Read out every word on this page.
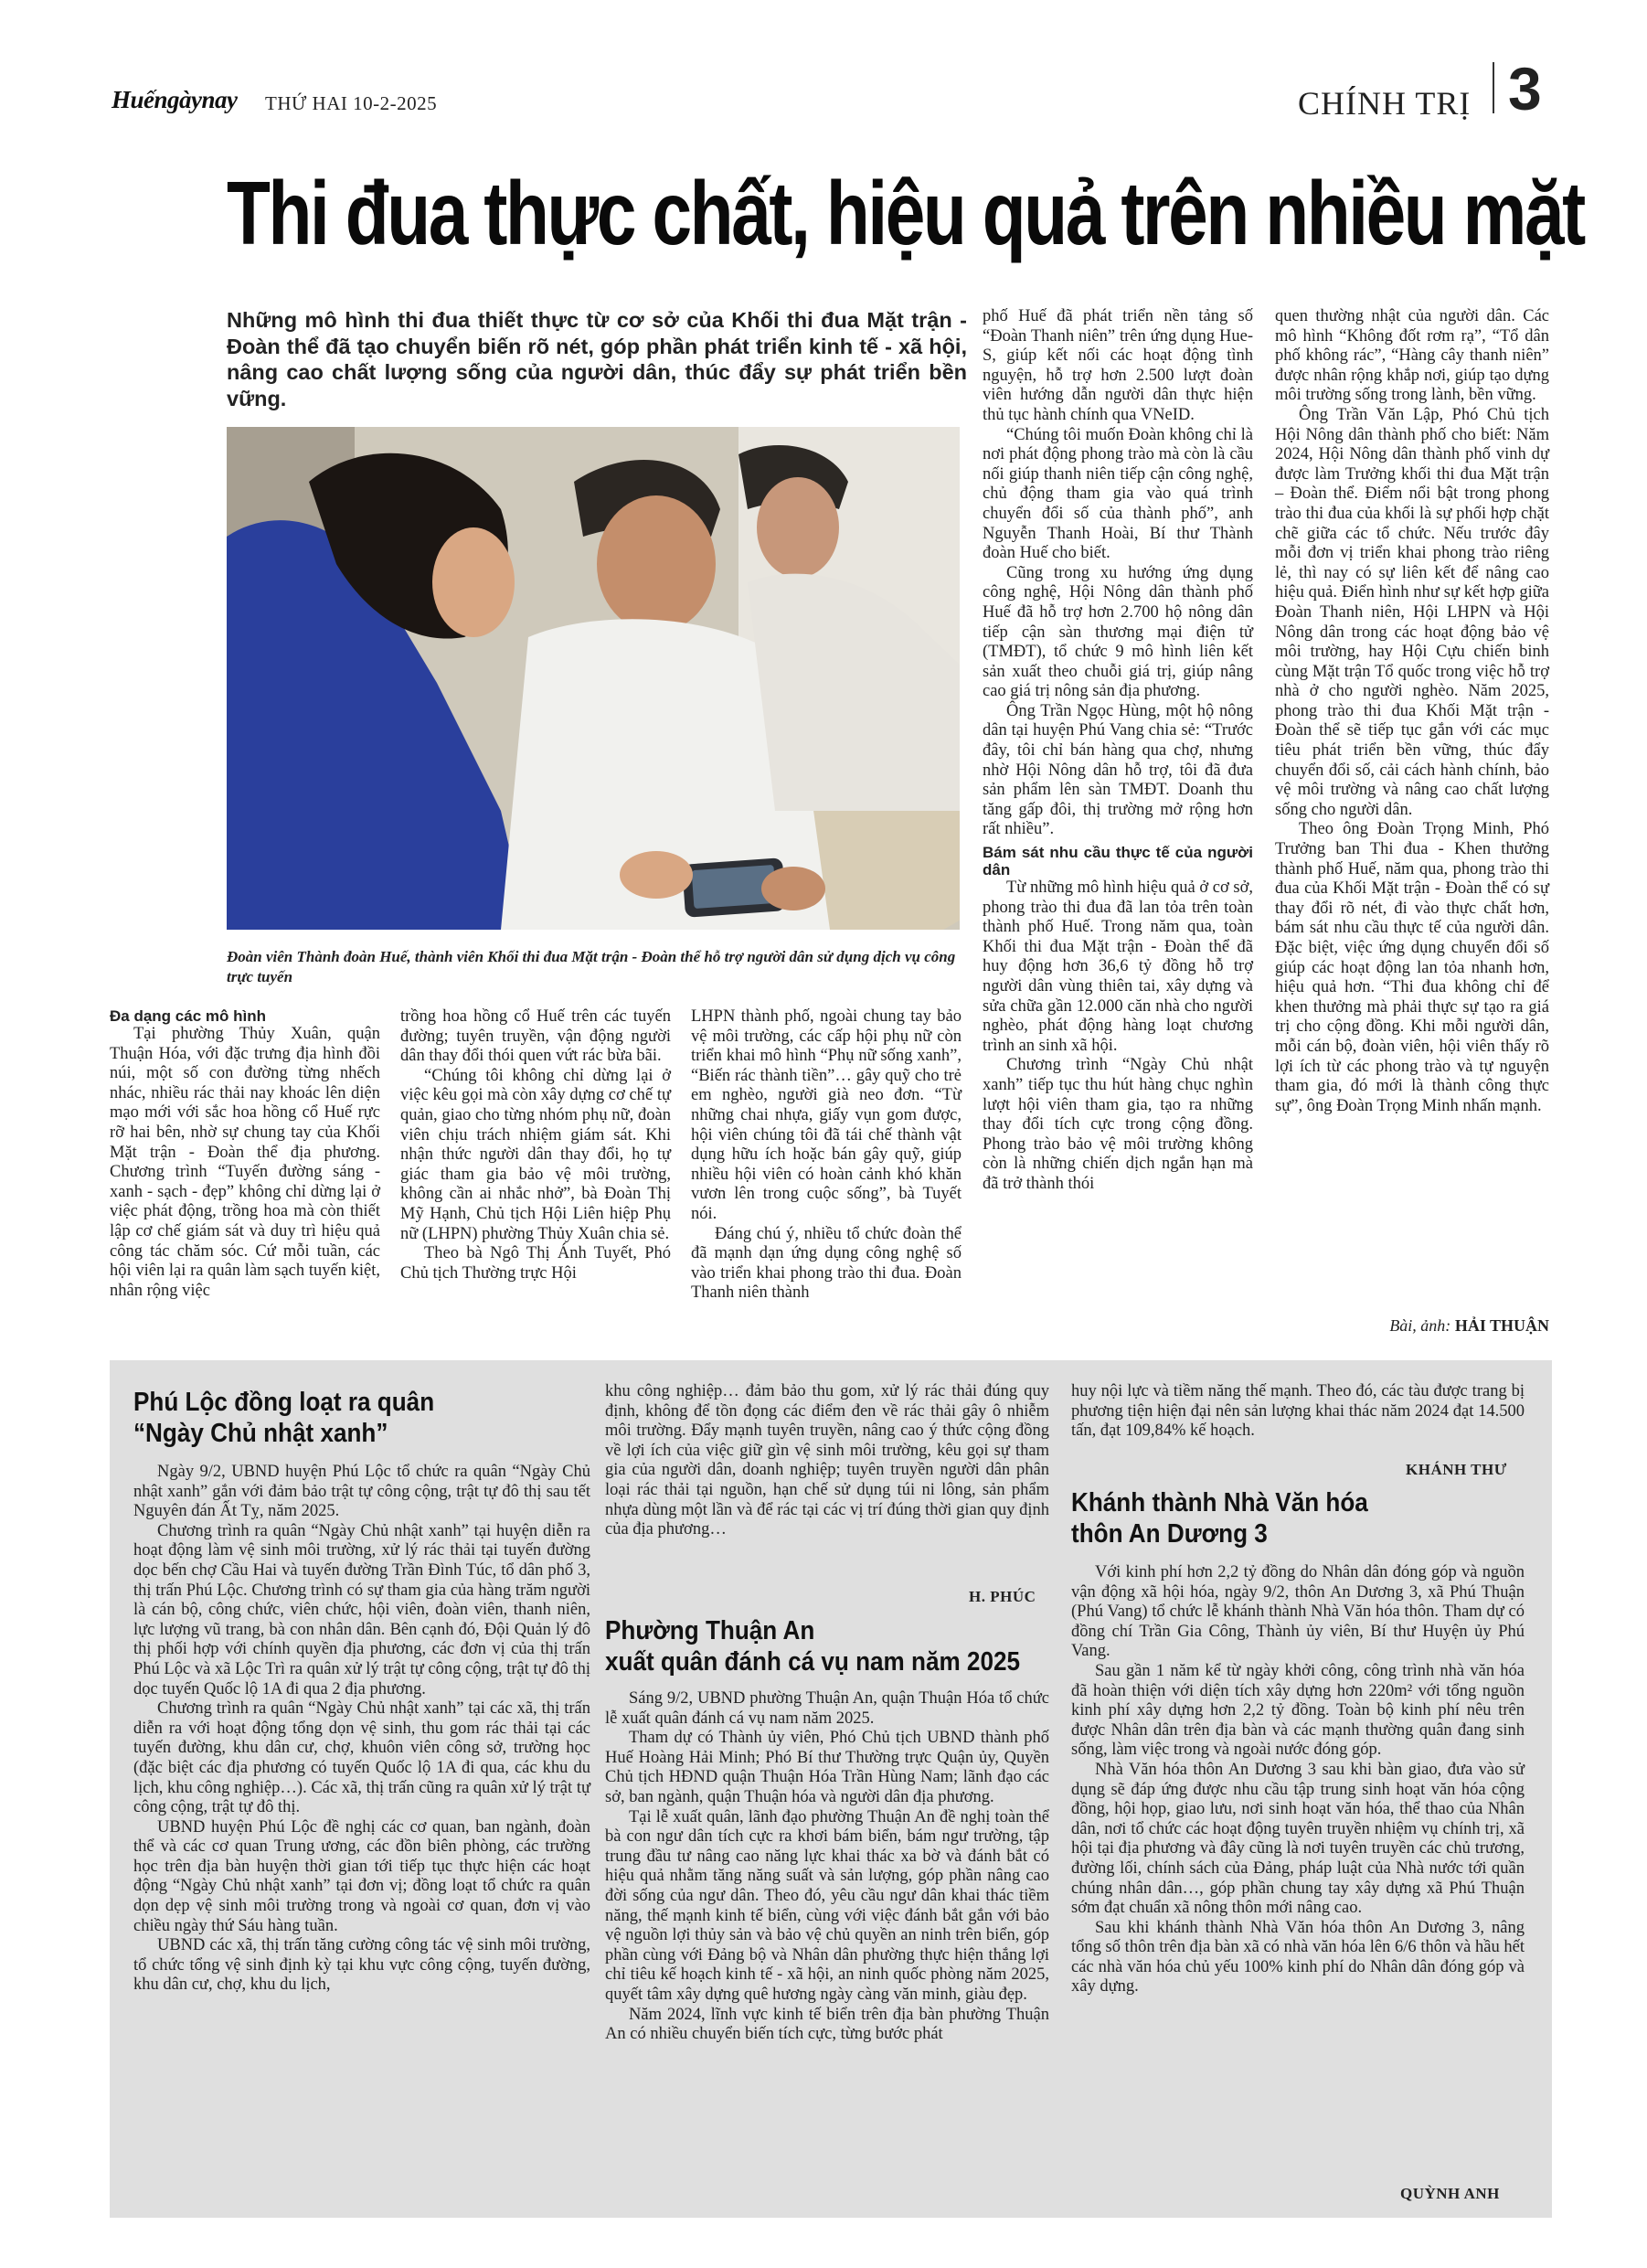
Huếngàynay THỨ HAI 10-2-2025	CHÍNH TRỊ 3
Thi đua thực chất, hiệu quả trên nhiều mặt
Những mô hình thi đua thiết thực từ cơ sở của Khối thi đua Mặt trận - Đoàn thể đã tạo chuyển biến rõ nét, góp phần phát triển kinh tế - xã hội, nâng cao chất lượng sống của người dân, thúc đẩy sự phát triển bền vững.
Đoàn viên Thành đoàn Huế, thành viên Khối thi đua Mặt trận - Đoàn thể hỗ trợ người dân sử dụng dịch vụ công trực tuyến

Đa dạng các mô hình

Tại phường Thủy Xuân, quận Thuận Hóa, với đặc trưng địa hình đồi núi, một số con đường từng nhếch nhác, nhiều rác thải nay khoác lên diện mạo mới với sắc hoa hồng cổ Huế rực rỡ hai bên, nhờ sự chung tay của Khối Mặt trận - Đoàn thể địa phương. Chương trình “Tuyến đường sáng - xanh - sạch - đẹp” không chỉ dừng lại ở việc phát động, trồng hoa mà còn thiết lập cơ chế giám sát và duy trì hiệu quả công tác chăm sóc. Cứ mỗi tuần, các hội viên lại ra quân làm sạch tuyến kiệt, nhân rộng việc

trồng hoa hồng cổ Huế trên các tuyến đường; tuyên truyền, vận động người dân thay đổi thói quen vứt rác bừa bãi.

“Chúng tôi không chỉ dừng lại ở việc kêu gọi mà còn xây dựng cơ chế tự quản, giao cho từng nhóm phụ nữ, đoàn viên chịu trách nhiệm giám sát. Khi nhận thức người dân thay đổi, họ tự giác tham gia bảo vệ môi trường, không cần ai nhắc nhở”, bà Đoàn Thị Mỹ Hạnh, Chủ tịch Hội Liên hiệp Phụ nữ (LHPN) phường Thủy Xuân chia sẻ.

Theo bà Ngô Thị Ánh Tuyết, Phó Chủ tịch Thường trực Hội

LHPN thành phố, ngoài chung tay bảo vệ môi trường, các cấp hội phụ nữ còn triển khai mô hình “Phụ nữ sống xanh”, “Biến rác thành tiền”… gây quỹ cho trẻ em nghèo, người già neo đơn. “Từ những chai nhựa, giấy vụn gom được, hội viên chúng tôi đã tái chế thành vật dụng hữu ích hoặc bán gây quỹ, giúp nhiều hội viên có hoàn cảnh khó khăn vươn lên trong cuộc sống”, bà Tuyết nói.

Đáng chú ý, nhiều tổ chức đoàn thể đã mạnh dạn ứng dụng công nghệ số vào triển khai phong trào thi đua. Đoàn Thanh niên thành

phố Huế đã phát triển nền tảng số “Đoàn Thanh niên” trên ứng dụng Hue-S, giúp kết nối các hoạt động tình nguyện, hỗ trợ hơn 2.500 lượt đoàn viên hướng dẫn người dân thực hiện thủ tục hành chính qua VNeID.

“Chúng tôi muốn Đoàn không chỉ là nơi phát động phong trào mà còn là cầu nối giúp thanh niên tiếp cận công nghệ, chủ động tham gia vào quá trình chuyển đổi số của thành phố”, anh Nguyễn Thanh Hoài, Bí thư Thành đoàn Huế cho biết.

Cũng trong xu hướng ứng dụng công nghệ, Hội Nông dân thành phố Huế đã hỗ trợ hơn 2.700 hộ nông dân tiếp cận sàn thương mại điện tử (TMĐT), tổ chức 9 mô hình liên kết sản xuất theo chuỗi giá trị, giúp nâng cao giá trị nông sản địa phương.

Ông Trần Ngọc Hùng, một hộ nông dân tại huyện Phú Vang chia sẻ: “Trước đây, tôi chỉ bán hàng qua chợ, nhưng nhờ Hội Nông dân hỗ trợ, tôi đã đưa sản phẩm lên sàn TMĐT. Doanh thu tăng gấp đôi, thị trường mở rộng hơn rất nhiều”.

Bám sát nhu cầu thực tế của người dân

Từ những mô hình hiệu quả ở cơ sở, phong trào thi đua đã lan tỏa trên toàn thành phố Huế. Trong năm qua, toàn Khối thi đua Mặt trận - Đoàn thể đã huy động hơn 36,6 tỷ đồng hỗ trợ người dân vùng thiên tai, xây dựng và sửa chữa gần 12.000 căn nhà cho người nghèo, phát động hàng loạt chương trình an sinh xã hội.

Chương trình “Ngày Chủ nhật xanh” tiếp tục thu hút hàng chục nghìn lượt hội viên tham gia, tạo ra những thay đổi tích cực trong cộng đồng. Phong trào bảo vệ môi trường không còn là những chiến dịch ngắn hạn mà đã trở thành thói

quen thường nhật của người dân. Các mô hình “Không đốt rơm rạ”, “Tổ dân phố không rác”, “Hàng cây thanh niên” được nhân rộng khắp nơi, giúp tạo dựng môi trường sống trong lành, bền vững.

Ông Trần Văn Lập, Phó Chủ tịch Hội Nông dân thành phố cho biết: Năm 2024, Hội Nông dân thành phố vinh dự được làm Trưởng khối thi đua Mặt trận – Đoàn thể. Điểm nổi bật trong phong trào thi đua của khối là sự phối hợp chặt chẽ giữa các tổ chức. Nếu trước đây mỗi đơn vị triển khai phong trào riêng lẻ, thì nay có sự liên kết để nâng cao hiệu quả. Điển hình như sự kết hợp giữa Đoàn Thanh niên, Hội LHPN và Hội Nông dân trong các hoạt động bảo vệ môi trường, hay Hội Cựu chiến binh cùng Mặt trận Tổ quốc trong việc hỗ trợ nhà ở cho người nghèo. Năm 2025, phong trào thi đua Khối Mặt trận - Đoàn thể sẽ tiếp tục gắn với các mục tiêu phát triển bền vững, thúc đẩy chuyển đổi số, cải cách hành chính, bảo vệ môi trường và nâng cao chất lượng sống cho người dân.

Theo ông Đoàn Trọng Minh, Phó Trưởng ban Thi đua - Khen thưởng thành phố Huế, năm qua, phong trào thi đua của Khối Mặt trận - Đoàn thể có sự thay đổi rõ nét, đi vào thực chất hơn, bám sát nhu cầu thực tế của người dân. Đặc biệt, việc ứng dụng chuyển đổi số giúp các hoạt động lan tỏa nhanh hơn, hiệu quả hơn. “Thi đua không chỉ để khen thưởng mà phải thực sự tạo ra giá trị cho cộng đồng. Khi mỗi người dân, mỗi cán bộ, đoàn viên, hội viên thấy rõ lợi ích từ các phong trào và tự nguyện tham gia, đó mới là thành công thực sự”, ông Đoàn Trọng Minh nhấn mạnh.

Bài, ảnh: HẢI THUẬN
Phú Lộc đồng loạt ra quân
“Ngày Chủ nhật xanh”

Ngày 9/2, UBND huyện Phú Lộc tổ chức ra quân “Ngày Chủ nhật xanh” gắn với đảm bảo trật tự công cộng, trật tự đô thị sau tết Nguyên đán Ất Tỵ, năm 2025.

Chương trình ra quân “Ngày Chủ nhật xanh” tại huyện diễn ra hoạt động làm vệ sinh môi trường, xử lý rác thải tại tuyến đường dọc bến chợ Cầu Hai và tuyến đường Trần Đình Túc, tổ dân phố 3, thị trấn Phú Lộc. Chương trình có sự tham gia của hàng trăm người là cán bộ, công chức, viên chức, hội viên, đoàn viên, thanh niên, lực lượng vũ trang, bà con nhân dân. Bên cạnh đó, Đội Quản lý đô thị phối hợp với chính quyền địa phương, các đơn vị của thị trấn Phú Lộc và xã Lộc Trì ra quân xử lý trật tự công cộng, trật tự đô thị dọc tuyến Quốc lộ 1A đi qua 2 địa phương.

Chương trình ra quân “Ngày Chủ nhật xanh” tại các xã, thị trấn diễn ra với hoạt động tổng dọn vệ sinh, thu gom rác thải tại các tuyến đường, khu dân cư, chợ, khuôn viên công sở, trường học (đặc biệt các địa phương có tuyến Quốc lộ 1A đi qua, các khu du lịch, khu công nghiệp…). Các xã, thị trấn cũng ra quân xử lý trật tự công cộng, trật tự đô thị.

UBND huyện Phú Lộc đề nghị các cơ quan, ban ngành, đoàn thể và các cơ quan Trung ương, các đồn biên phòng, các trường học trên địa bàn huyện thời gian tới tiếp tục thực hiện các hoạt động “Ngày Chủ nhật xanh” tại đơn vị; đồng loạt tổ chức ra quân dọn dẹp vệ sinh môi trường trong và ngoài cơ quan, đơn vị vào chiều ngày thứ Sáu hàng tuần.

UBND các xã, thị trấn tăng cường công tác vệ sinh môi trường, tổ chức tổng vệ sinh định kỳ tại khu vực công cộng, tuyến đường, khu dân cư, chợ, khu du lịch,

khu công nghiệp… đảm bảo thu gom, xử lý rác thải đúng quy định, không để tồn đọng các điểm đen về rác thải gây ô nhiễm môi trường. Đẩy mạnh tuyên truyền, nâng cao ý thức cộng đồng về lợi ích của việc giữ gìn vệ sinh môi trường, kêu gọi sự tham gia của người dân, doanh nghiệp; tuyên truyền người dân phân loại rác thải tại nguồn, hạn chế sử dụng túi ni lông, sản phẩm nhựa dùng một lần và để rác tại các vị trí đúng thời gian quy định của địa phương…

H. PHÚC
Phường Thuận An
xuất quân đánh cá vụ nam năm 2025

Sáng 9/2, UBND phường Thuận An, quận Thuận Hóa tổ chức lễ xuất quân đánh cá vụ nam năm 2025.

Tham dự có Thành ủy viên, Phó Chủ tịch UBND thành phố Huế Hoàng Hải Minh; Phó Bí thư Thường trực Quận ủy, Quyền Chủ tịch HĐND quận Thuận Hóa Trần Hùng Nam; lãnh đạo các sở, ban ngành, quận Thuận hóa và người dân địa phương.

Tại lễ xuất quân, lãnh đạo phường Thuận An đề nghị toàn thể bà con ngư dân tích cực ra khơi bám biển, bám ngư trường, tập trung đầu tư nâng cao năng lực khai thác xa bờ và đánh bắt có hiệu quả nhằm tăng năng suất và sản lượng, góp phần nâng cao đời sống của ngư dân. Theo đó, yêu cầu ngư dân khai thác tiềm năng, thế mạnh kinh tế biển, cùng với việc đánh bắt gắn với bảo vệ nguồn lợi thủy sản và bảo vệ chủ quyền an ninh trên biển, góp phần cùng với Đảng bộ và Nhân dân phường thực hiện thắng lợi chỉ tiêu kế hoạch kinh tế - xã hội, an ninh quốc phòng năm 2025, quyết tâm xây dựng quê hương ngày càng văn minh, giàu đẹp.

Năm 2024, lĩnh vực kinh tế biển trên địa bàn phường Thuận An có nhiều chuyển biến tích cực, từng bước phát

huy nội lực và tiềm năng thế mạnh. Theo đó, các tàu được trang bị phương tiện hiện đại nên sản lượng khai thác năm 2024 đạt 14.500 tấn, đạt 109,84% kế hoạch.

KHÁNH THƯ
Khánh thành Nhà Văn hóa
thôn An Dương 3

Với kinh phí hơn 2,2 tỷ đồng do Nhân dân đóng góp và nguồn vận động xã hội hóa, ngày 9/2, thôn An Dương 3, xã Phú Thuận (Phú Vang) tổ chức lễ khánh thành Nhà Văn hóa thôn. Tham dự có đồng chí Trần Gia Công, Thành ủy viên, Bí thư Huyện ủy Phú Vang.

Sau gần 1 năm kể từ ngày khởi công, công trình nhà văn hóa đã hoàn thiện với diện tích xây dựng hơn 220m² với tổng nguồn kinh phí xây dựng hơn 2,2 tỷ đồng. Toàn bộ kinh phí nêu trên được Nhân dân trên địa bàn và các mạnh thường quân đang sinh sống, làm việc trong và ngoài nước đóng góp.

Nhà Văn hóa thôn An Dương 3 sau khi bàn giao, đưa vào sử dụng sẽ đáp ứng được nhu cầu tập trung sinh hoạt văn hóa cộng đồng, hội họp, giao lưu, nơi sinh hoạt văn hóa, thể thao của Nhân dân, nơi tổ chức các hoạt động tuyên truyền nhiệm vụ chính trị, xã hội tại địa phương và đây cũng là nơi tuyên truyền các chủ trương, đường lối, chính sách của Đảng, pháp luật của Nhà nước tới quần chúng nhân dân…, góp phần chung tay xây dựng xã Phú Thuận sớm đạt chuẩn xã nông thôn mới nâng cao.

Sau khi khánh thành Nhà Văn hóa thôn An Dương 3, nâng tổng số thôn trên địa bàn xã có nhà văn hóa lên 6/6 thôn và hầu hết các nhà văn hóa chủ yếu 100% kinh phí do Nhân dân đóng góp và xây dựng.

QUỲNH ANH
